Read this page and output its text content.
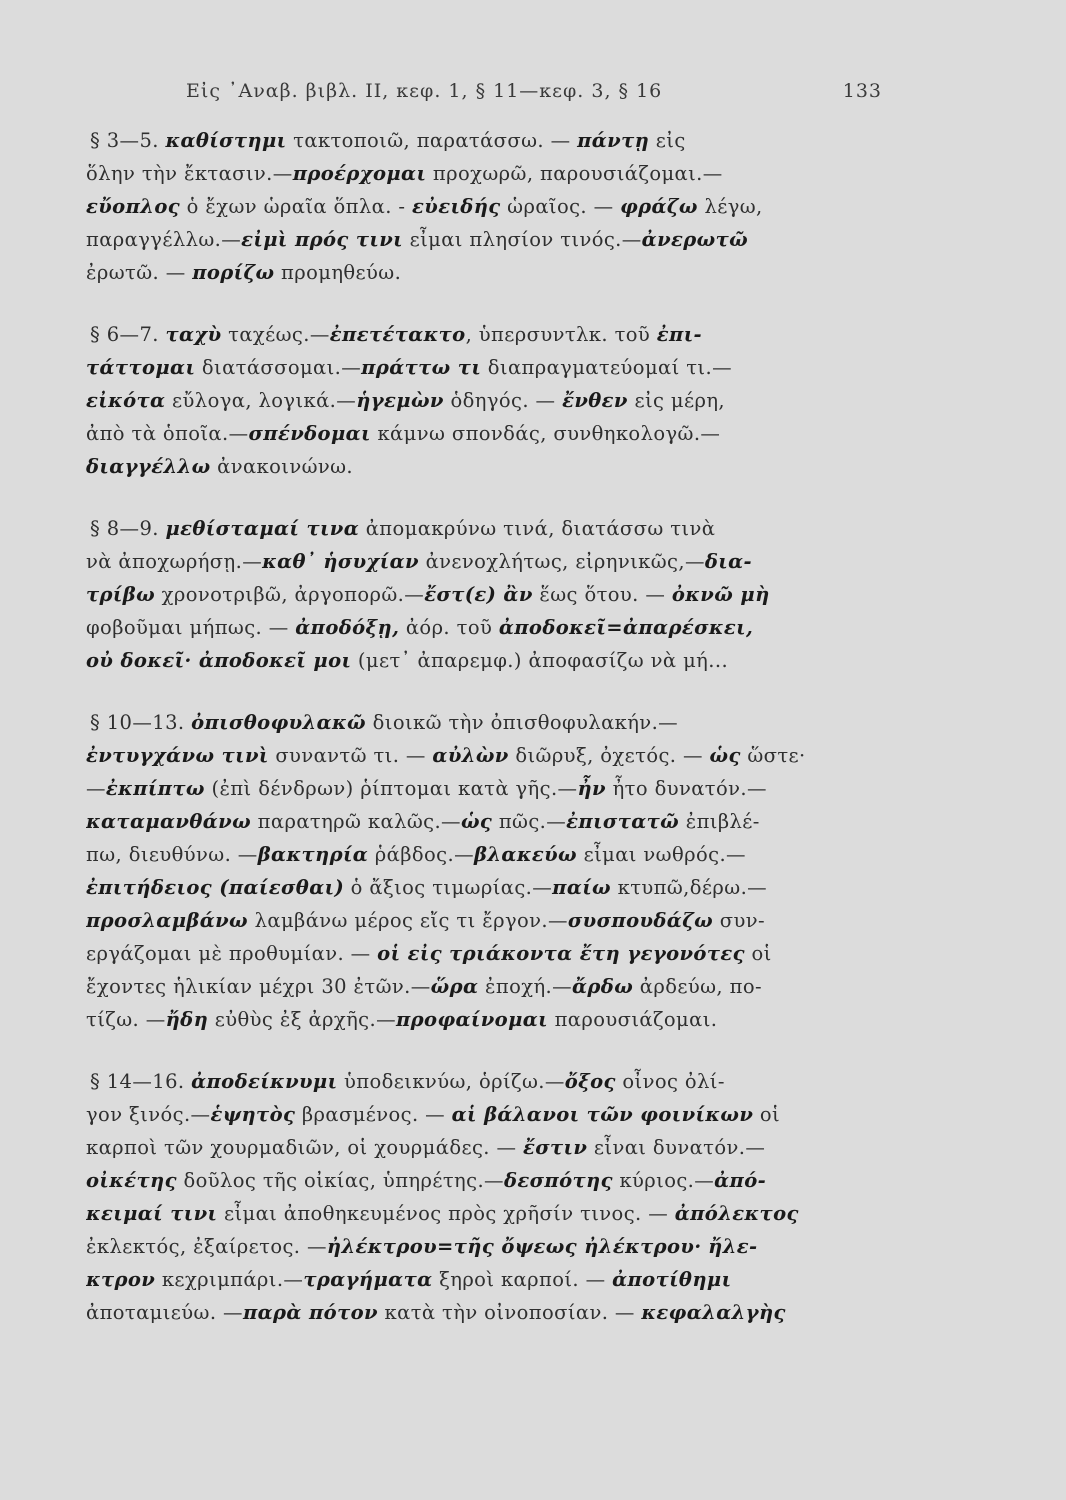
Εἰς ᾿Αναβ. βιβλ. ΙΙ, κεφ. 1, § 11—κεφ. 3, § 16	133
§ 3—5. καθίστημι τακτοποιῶ, παρατάσσω. — πάντῃ εἰς
ὅλην τὴν ἔκτασιν.—προέρχομαι προχωρῶ, παρουσιάζομαι.—
εὔοπλος ὁ ἔχων ὡραῖα ὅπλα. - εὐειδής ὡραῖος. — φράζω λέγω,
παραγγέλλω.—εἰμὶ πρός τινι εἶμαι πλησίον τινός.—ἀνερωτῶ
ἐρωτῶ. — πορίζω προμηθεύω.
§ 6—7. ταχὺ ταχέως.—ἐπετέτακτο, ὑπερσυντλκ. τοῦ ἐπι-
τάττομαι διατάσσομαι.—πράττω τι διαπραγματεύομαί τι.—
εἰκότα εὔλογα, λογικά.—ἡγεμὼν ὁδηγός. — ἔνθεν εἰς μέρη,
ἀπὸ τὰ ὁποῖα.—σπένδομαι κάμνω σπονδάς, συνθηκολογῶ.—
διαγγέλλω ἀνακοινώνω.
§ 8—9. μεθίσταμαί τινα ἀπομακρύνω τινά, διατάσσω τινὰ
νὰ ἀποχωρήσῃ.—καθ᾿ ἡσυχίαν ἀνενοχλήτως, εἰρηνικῶς,—δια-
τρίβω χρονοτριβῶ, ἀργοπορῶ.—ἔστ(ε) ἂν ἕως ὅτου. — ὀκνῶ μὴ
φοβοῦμαι μήπως. — ἀποδόξῃ, ἀόρ. τοῦ ἀποδοκεῖ=ἀπαρέσκει,
οὐ δοκεῖ· ἀποδοκεῖ μοι (μετ᾿ ἀπαρεμφ.) ἀποφασίζω νὰ μή...
§ 10—13. ὀπισθοφυλακῶ διοικῶ τὴν ὀπισθοφυλακήν.—
ἐντυγχάνω τινὶ συναντῶ τι. — αὐλὼν διῶρυξ, ὀχετός. — ὡς ὥστε·
—ἐκπίπτω (ἐπὶ δένδρων) ῥίπτομαι κατὰ γῆς.—ἦν ἦτο δυνατόν.—
καταμανθάνω παρατηρῶ καλῶς.—ὡς πῶς.—ἐπιστατῶ ἐπιβλέ-
πω, διευθύνω. —βακτηρία ῥάβδος.—βλακεύω εἶμαι νωθρός.—
ἐπιτήδειος (παίεσθαι) ὁ ἄξιος τιμωρίας.—παίω κτυπῶ,δέρω.—
προσλαμβάνω λαμβάνω μέρος εἴς τι ἔργον.—συσπουδάζω συν-
εργάζομαι μὲ προθυμίαν. — οἱ εἰς τριάκοντα ἔτη γεγονότες οἱ
ἔχοντες ἡλικίαν μέχρι 30 ἐτῶν.—ὥρα ἐποχή.—ἄρδω ἀρδεύω, πο-
τίζω. —ἤδη εὐθὺς ἐξ ἀρχῆς.—προφαίνομαι παρουσιάζομαι.
§ 14—16. ἀποδείκνυμι ὑποδεικνύω, ὁρίζω.—ὄξος οἶνος ὀλί-
γον ξινός.—ἑψητὸς βρασμένος. — αἱ βάλανοι τῶν φοινίκων οἱ
καρποὶ τῶν χουρμαδιῶν, οἱ χουρμάδες. — ἔστιν εἶναι δυνατόν.—
οἰκέτης δοῦλος τῆς οἰκίας, ὑπηρέτης.—δεσπότης κύριος.—ἀπό-
κειμαί τινι εἶμαι ἀποθηκευμένος πρὸς χρῆσίν τινος. — ἀπόλεκτος
ἐκλεκτός, ἐξαίρετος. —ἠλέκτρου=τῆς ὄψεως ἠλέκτρου· ἤλε-
κτρον κεχριμπάρι.—τραγήματα ξηροὶ καρποί. — ἀποτίθημι
ἀποταμιεύω. —παρὰ πότον κατὰ τὴν οἰνοποσίαν. — κεφαλαλγὴς
